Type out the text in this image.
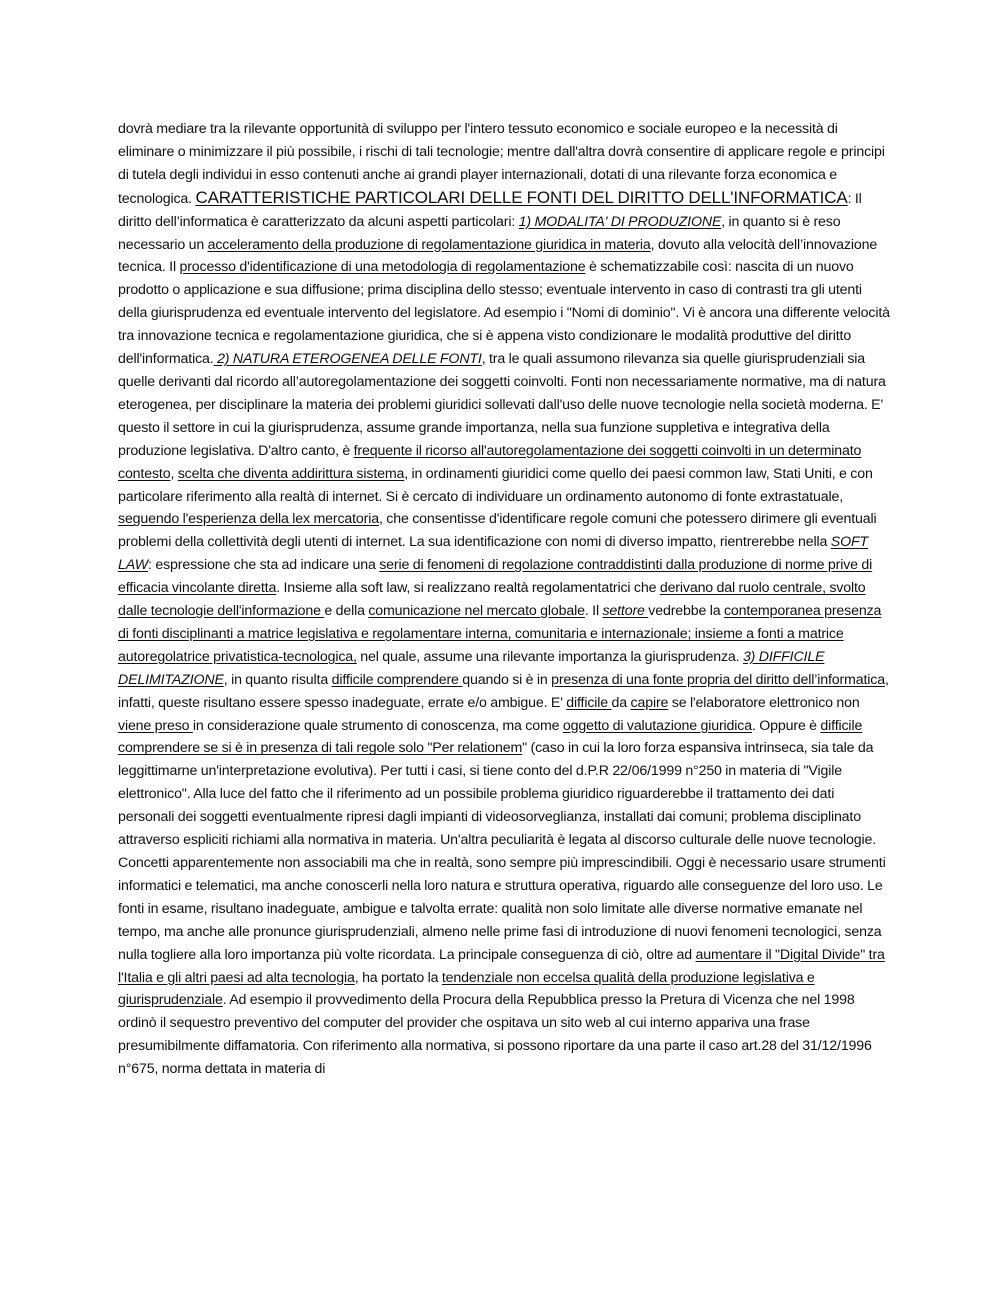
dovrà mediare tra la rilevante opportunità di sviluppo per l'intero tessuto economico e sociale europeo e la necessità di eliminare o minimizzare il più possibile, i rischi di tali tecnologie; mentre dall'altra dovrà consentire di applicare regole e principi di tutela degli individui in esso contenuti anche ai grandi player internazionali, dotati di una rilevante forza economica e tecnologica. CARATTERISTICHE PARTICOLARI DELLE FONTI DEL DIRITTO DELL'INFORMATICA: Il diritto dell’informatica è caratterizzato da alcuni aspetti particolari: 1) MODALITA' DI PRODUZIONE, in quanto si è reso necessario un acceleramento della produzione di regolamentazione giuridica in materia, dovuto alla velocità dell’innovazione tecnica. Il processo d'identificazione di una metodologia di regolamentazione è schematizzabile così: nascita di un nuovo prodotto o applicazione e sua diffusione; prima disciplina dello stesso; eventuale intervento in caso di contrasti tra gli utenti della giurisprudenza ed eventuale intervento del legislatore. Ad esempio i "Nomi di dominio". Vi è ancora una differente velocità tra innovazione tecnica e regolamentazione giuridica, che si è appena visto condizionare le modalità produttive del diritto dell'informatica. 2) NATURA ETEROGENEA DELLE FONTI, tra le quali assumono rilevanza sia quelle giurisprudenziali sia quelle derivanti dal ricordo all’autoregolamentazione dei soggetti coinvolti. Fonti non necessariamente normative, ma di natura eterogenea, per disciplinare la materia dei problemi giuridici sollevati dall'uso delle nuove tecnologie nella società moderna. E' questo il settore in cui la giurisprudenza, assume grande importanza, nella sua funzione suppletiva e integrativa della produzione legislativa. D'altro canto, è frequente il ricorso all'autoregolamentazione dei soggetti coinvolti in un determinato contesto, scelta che diventa addirittura sistema, in ordinamenti giuridici come quello dei paesi common law, Stati Uniti, e con particolare riferimento alla realtà di internet. Si è cercato di individuare un ordinamento autonomo di fonte extrastatuale, seguendo l'esperienza della lex mercatoria, che consentisse d'identificare regole comuni che potessero dirimere gli eventuali problemi della collettività degli utenti di internet. La sua identificazione con nomi di diverso impatto, rientrerebbe nella SOFT LAW: espressione che sta ad indicare una serie di fenomeni di regolazione contraddistinti dalla produzione di norme prive di efficacia vincolante diretta. Insieme alla soft law, si realizzano realtà regolamentatrici che derivano dal ruolo centrale, svolto dalle tecnologie dell'informazione e della comunicazione nel mercato globale. Il settore vedrebbe la contemporanea presenza di fonti disciplinanti a matrice legislativa e regolamentare interna, comunitaria e internazionale; insieme a fonti a matrice autoregolatrice privatistica-tecnologica, nel quale, assume una rilevante importanza la giurisprudenza. 3) DIFFICILE DELIMITAZIONE, in quanto risulta difficile comprendere quando si è in presenza di una fonte propria del diritto dell’informatica, infatti, queste risultano essere spesso inadeguate, errate e/o ambigue. E' difficile da capire se l'elaboratore elettronico non viene preso in considerazione quale strumento di conoscenza, ma come oggetto di valutazione giuridica. Oppure è difficile comprendere se si è in presenza di tali regole solo "Per relationem" (caso in cui la loro forza espansiva intrinseca, sia tale da leggittimarne un'interpretazione evolutiva). Per tutti i casi, si tiene conto del d.P.R 22/06/1999 n°250 in materia di "Vigile elettronico". Alla luce del fatto che il riferimento ad un possibile problema giuridico riguarderebbe il trattamento dei dati personali dei soggetti eventualmente ripresi dagli impianti di videosorveglianza, installati dai comuni; problema disciplinato attraverso espliciti richiami alla normativa in materia. Un'altra peculiarità è legata al discorso culturale delle nuove tecnologie. Concetti apparentemente non associabili ma che in realtà, sono sempre più imprescindibili. Oggi è necessario usare strumenti informatici e telematici, ma anche conoscerli nella loro natura e struttura operativa, riguardo alle conseguenze del loro uso. Le fonti in esame, risultano inadeguate, ambigue e talvolta errate: qualità non solo limitate alle diverse normative emanate nel tempo, ma anche alle pronunce giurisprudenziali, almeno nelle prime fasi di introduzione di nuovi fenomeni tecnologici, senza nulla togliere alla loro importanza più volte ricordata. La principale conseguenza di ciò, oltre ad aumentare il "Digital Divide" tra l'Italia e gli altri paesi ad alta tecnologia, ha portato la tendenziale non eccelsa qualità della produzione legislativa e giurisprudenziale. Ad esempio il provvedimento della Procura della Repubblica presso la Pretura di Vicenza che nel 1998 ordinò il sequestro preventivo del computer del provider che ospitava un sito web al cui interno appariva una frase presumibilmente diffamatoria. Con riferimento alla normativa, si possono riportare da una parte il caso art.28 del 31/12/1996 n°675, norma dettata in materia di
